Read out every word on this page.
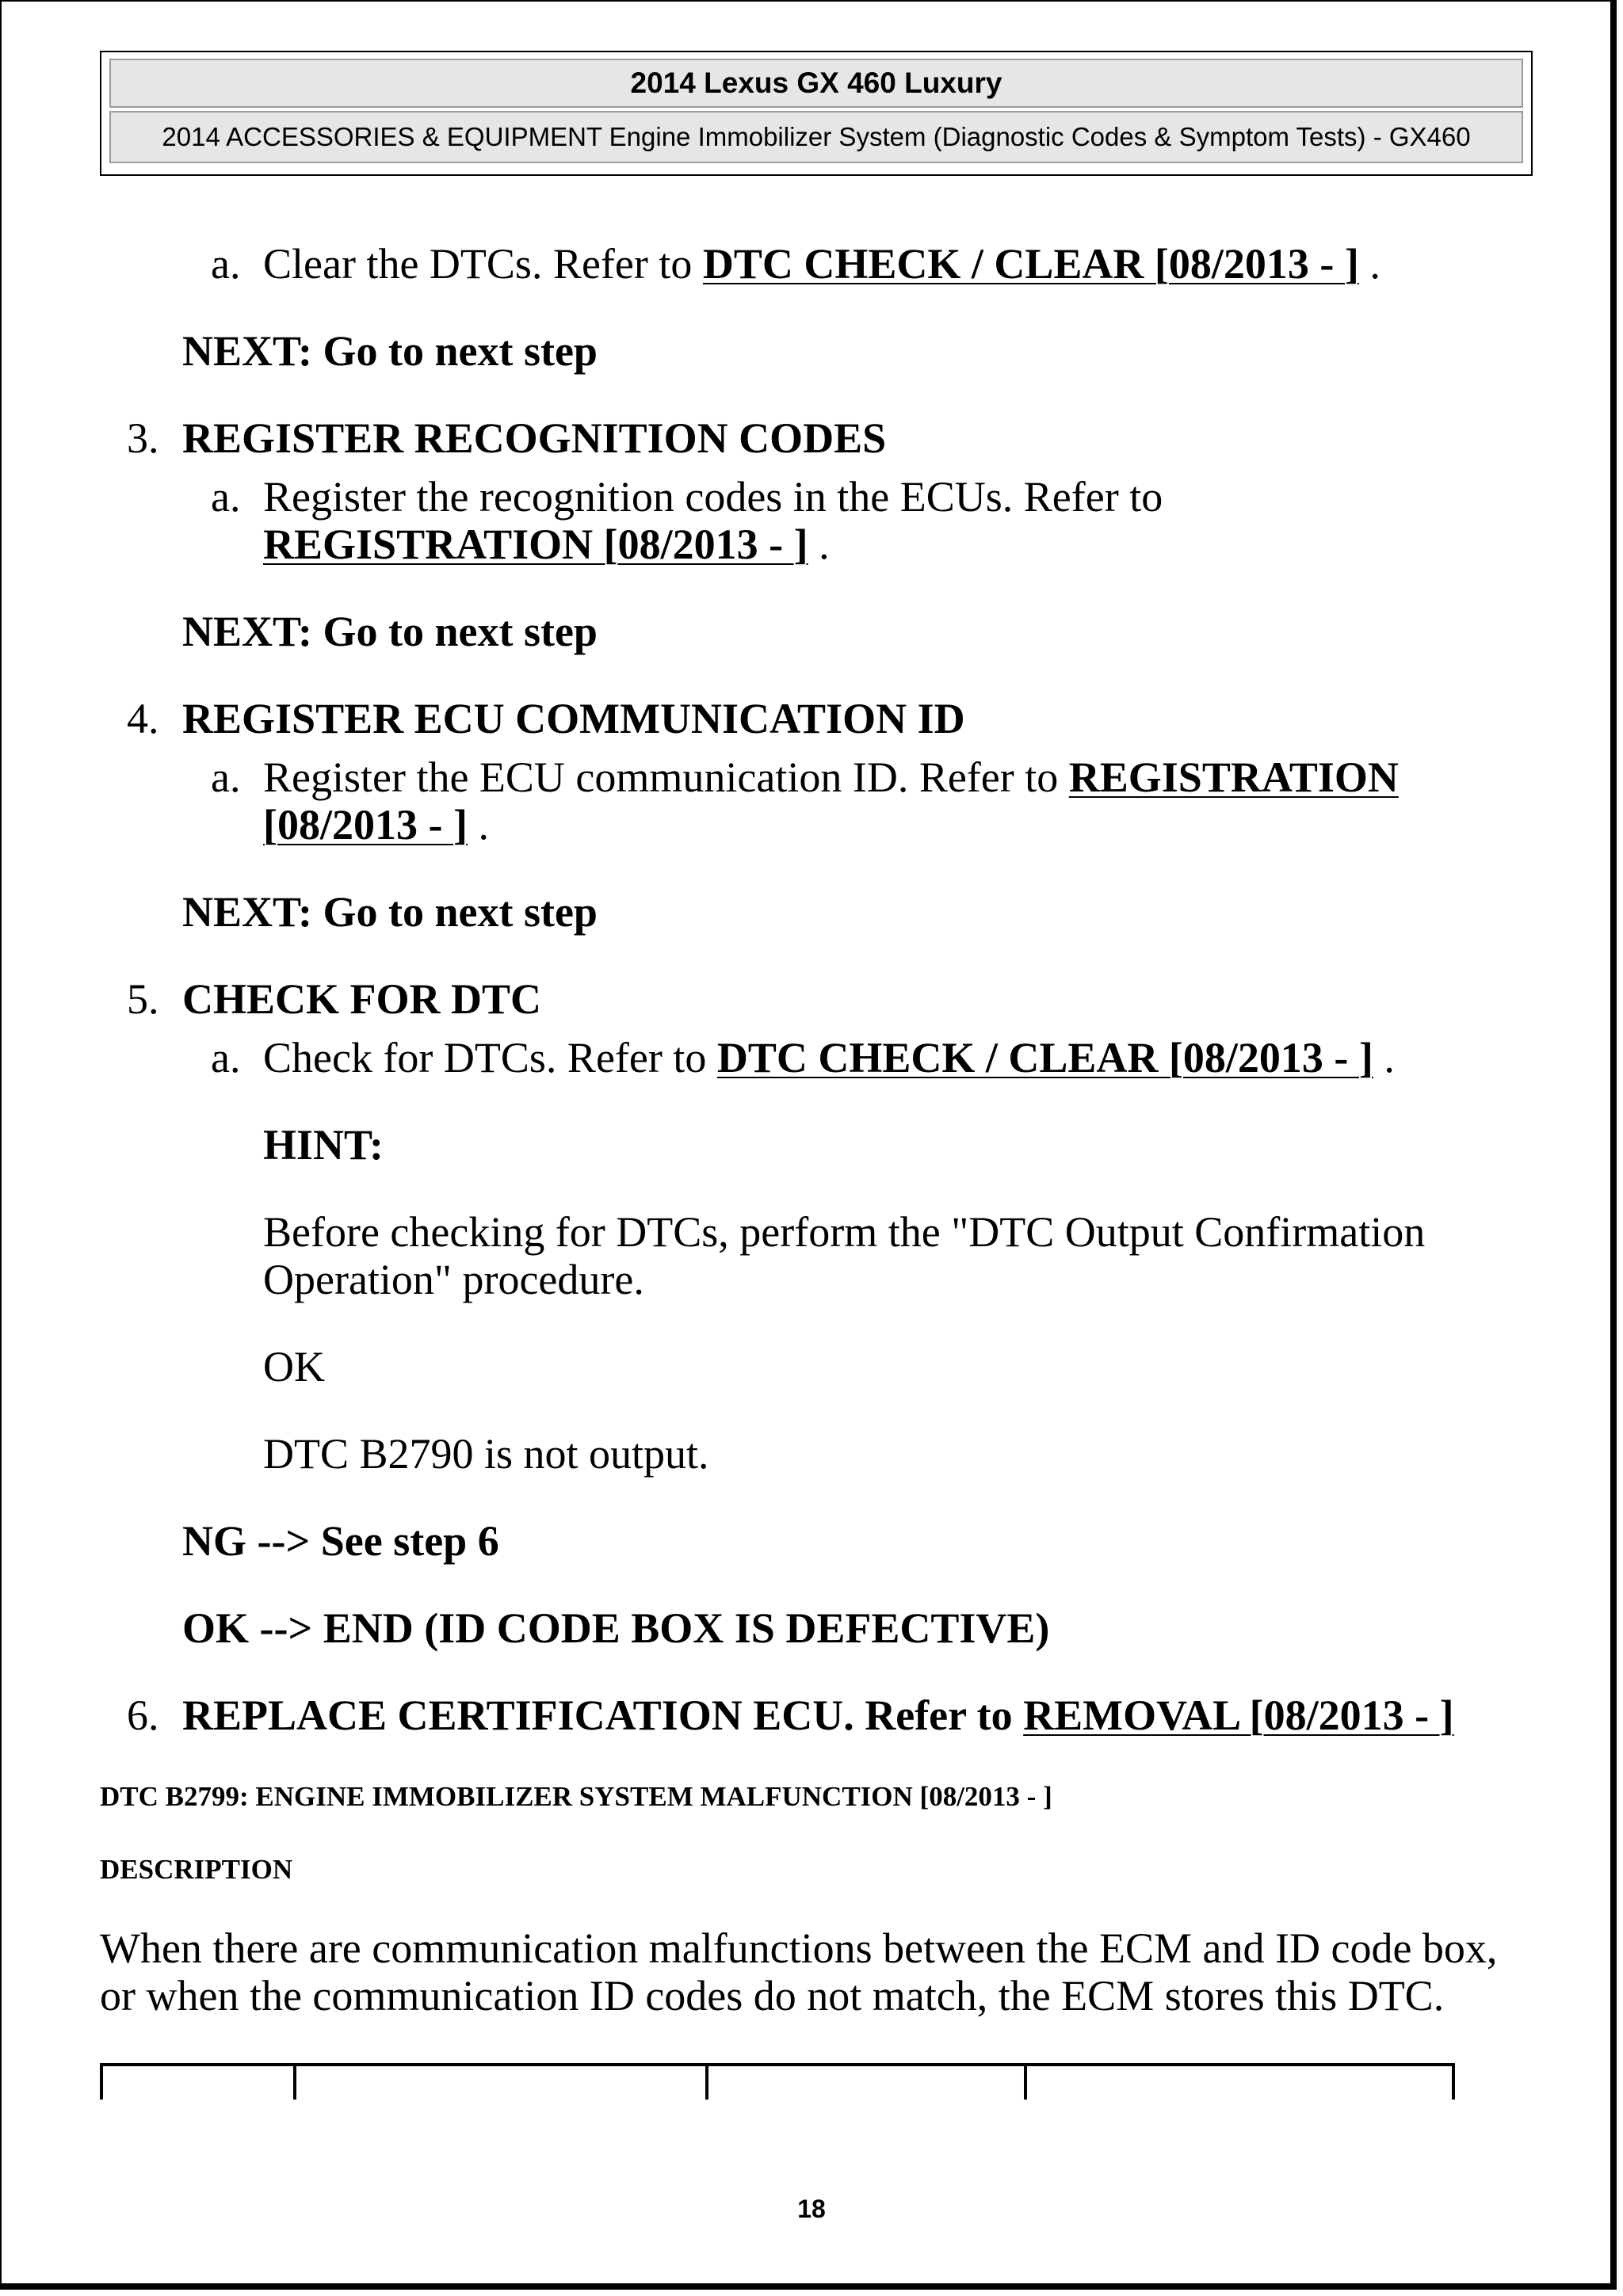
2014 Lexus GX 460 Luxury
2014 ACCESSORIES & EQUIPMENT Engine Immobilizer System (Diagnostic Codes & Symptom Tests) - GX460
a. Clear the DTCs. Refer to DTC CHECK / CLEAR [08/2013 - ] .
NEXT: Go to next step
3. REGISTER RECOGNITION CODES
a. Register the recognition codes in the ECUs. Refer to
REGISTRATION [08/2013 - ] .
NEXT: Go to next step
4. REGISTER ECU COMMUNICATION ID
a. Register the ECU communication ID. Refer to REGISTRATION
[08/2013 - ] .
NEXT: Go to next step
5. CHECK FOR DTC
a. Check for DTCs. Refer to DTC CHECK / CLEAR [08/2013 - ] .
HINT:
Before checking for DTCs, perform the "DTC Output Confirmation
Operation" procedure.
OK
DTC B2790 is not output.
NG --> See step 6
OK --> END (ID CODE BOX IS DEFECTIVE)
6. REPLACE CERTIFICATION ECU. Refer to REMOVAL [08/2013 - ]
DTC B2799: ENGINE IMMOBILIZER SYSTEM MALFUNCTION [08/2013 - ]
DESCRIPTION
When there are communication malfunctions between the ECM and ID code box,
or when the communication ID codes do not match, the ECM stores this DTC.
18
